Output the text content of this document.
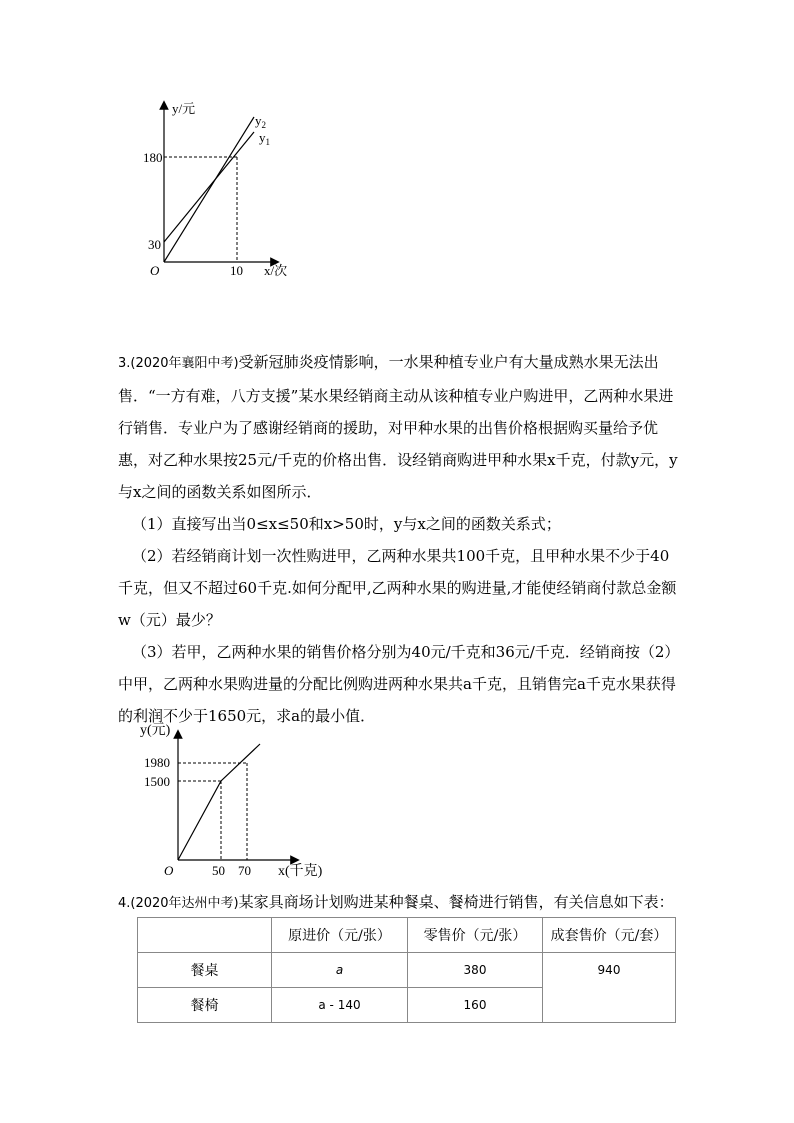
y/元
180
30
O	10 x/次
$y_2$
$y_1$

3.(2020年襄阳中考)受新冠肺炎疫情影响，一水果种植专业户有大量成熟水果无法出售．“一方有难，八方支援”某水果经销商主动从该种植专业户购进甲，乙两种水果进行销售．专业户为了感谢经销商的援助，对甲种水果的出售价格根据购买量给予优惠，对乙种水果按25元/千克的价格出售．设经销商购进甲种水果x千克，付款y元，y与x之间的函数关系如图所示．

（1）直接写出当0≤x≤50和x>50时，y与x之间的函数关系式；

（2）若经销商计划一次性购进甲，乙两种水果共100千克，且甲种水果不少于40千克，但又不超过60千克.如何分配甲,乙两种水果的购进量,才能使经销商付款总金额w（元）最少？

（3）若甲，乙两种水果的销售价格分别为40元/千克和36元/千克．经销商按（2）中甲，乙两种水果购进量的分配比例购进两种水果共a千克，且销售完a千克水果获得的利润不少于1650元，求a的最小值．

y(元)
1980
1500
O	50 70 x(千克)

4.(2020年达州中考)某家具商场计划购进某种餐桌、餐椅进行销售，有关信息如下表：

	原进价（元/张）	零售价（元/张）	成套售价（元/套）
餐桌	a	380	940
餐椅	a - 140	160	
